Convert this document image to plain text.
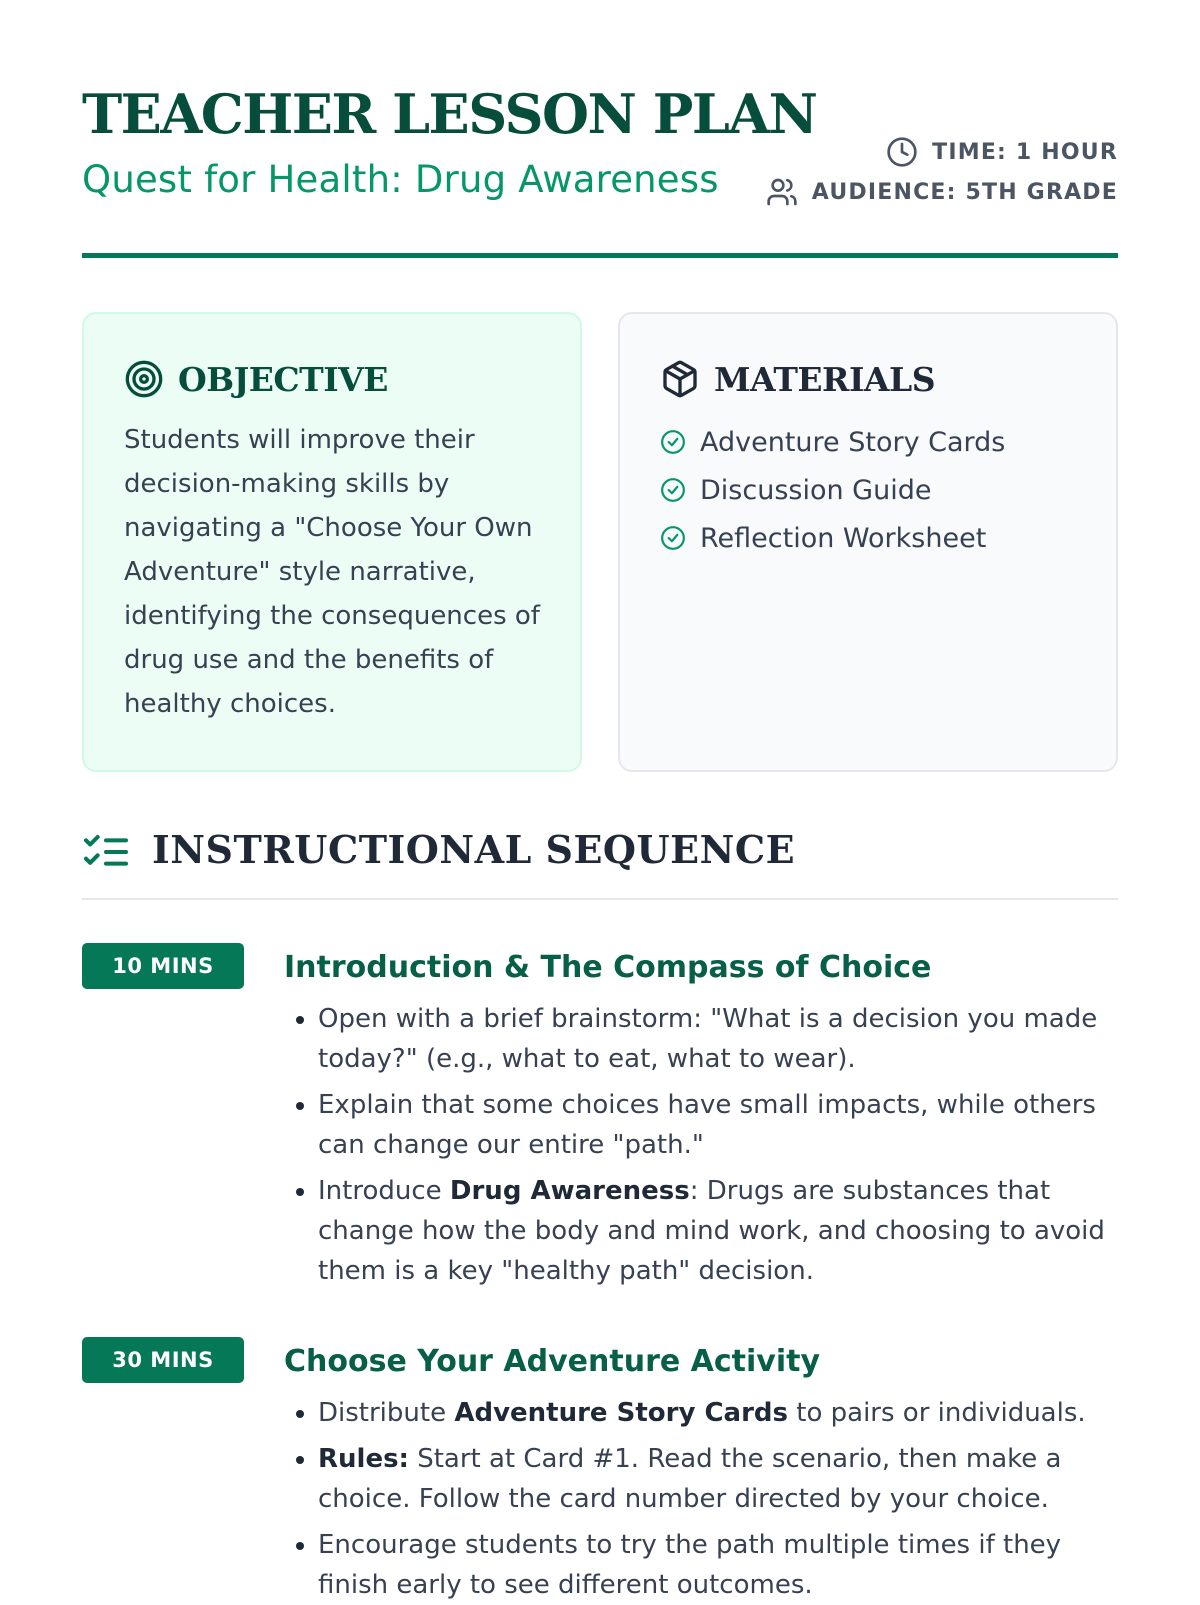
TEACHER LESSON PLAN
Quest for Health: Drug Awareness
TIME: 1 HOUR
AUDIENCE: 5TH GRADE
OBJECTIVE

Students will improve their decision-making skills by navigating a "Choose Your Own Adventure" style narrative, identifying the consequences of drug use and the benefits of healthy choices.

MATERIALS
Adventure Story Cards
Discussion Guide
Reflection Worksheet
INSTRUCTIONAL SEQUENCE
10 MINS	Introduction & The Compass of Choice
• Open with a brief brainstorm: "What is a decision you made today?" (e.g., what to eat, what to wear).
• Explain that some choices have small impacts, while others can change our entire "path."
• Introduce Drug Awareness: Drugs are substances that change how the body and mind work, and choosing to avoid them is a key "healthy path" decision.
30 MINS	Choose Your Adventure Activity
• Distribute Adventure Story Cards to pairs or individuals.
• Rules: Start at Card #1. Read the scenario, then make a choice. Follow the card number directed by your choice.
• Encourage students to try the path multiple times if they finish early to see different outcomes.
